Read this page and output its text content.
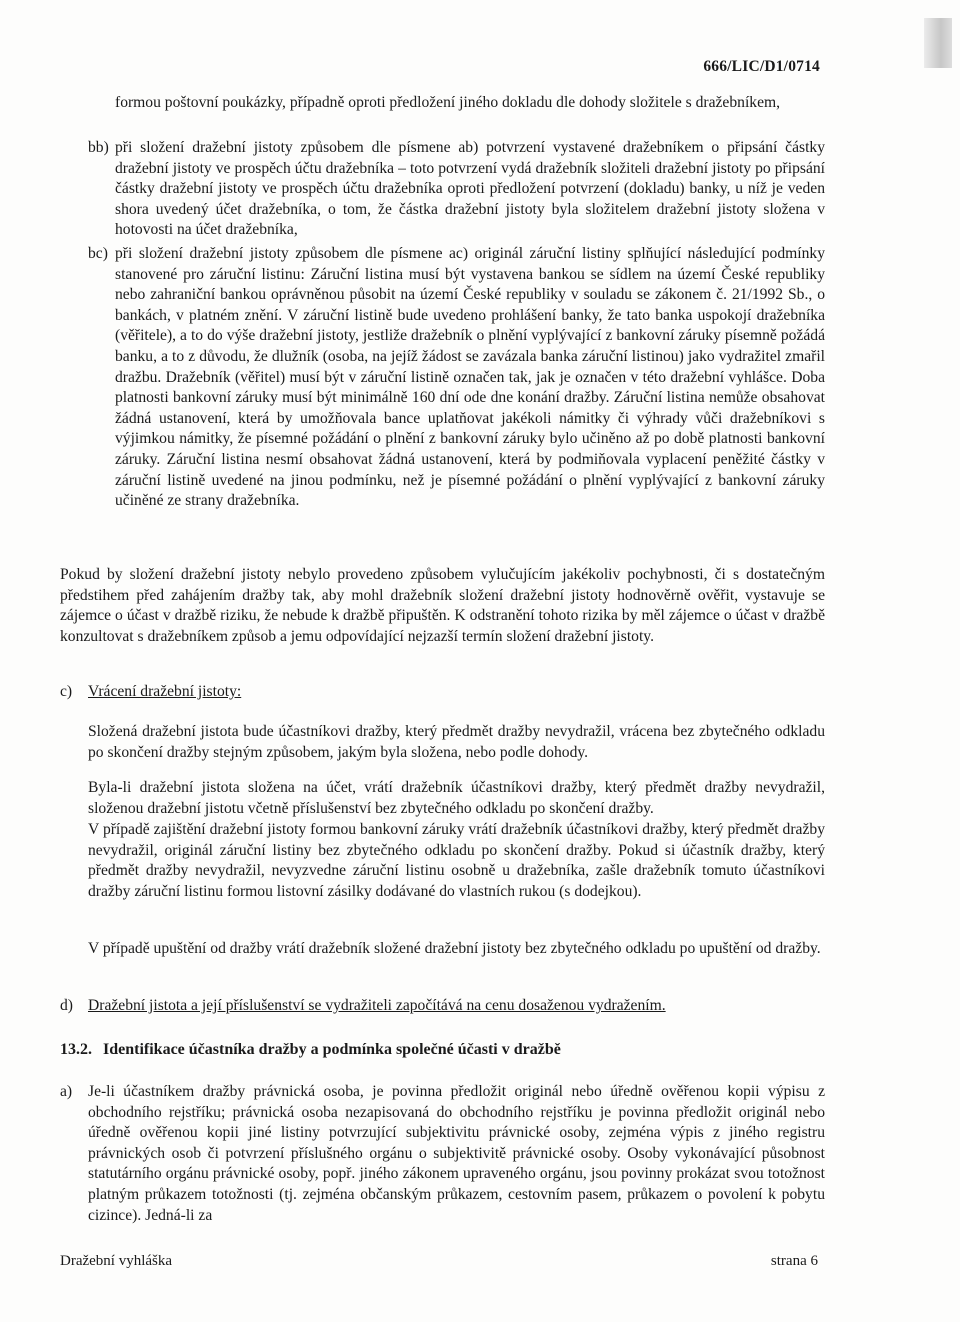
666/LIC/D1/0714
formou poštovní poukázky, případně oproti předložení jiného dokladu dle dohody složitele s dražebníkem,
bb) při složení dražební jistoty způsobem dle písmene ab) potvrzení vystavené dražebníkem o připsání částky dražební jistoty ve prospěch účtu dražebníka – toto potvrzení vydá dražebník složiteli dražební jistoty po připsání částky dražební jistoty ve prospěch účtu dražebníka oproti předložení potvrzení (dokladu) banky, u níž je veden shora uvedený účet dražebníka, o tom, že částka dražební jistoty byla složitelem dražební jistoty složena v hotovosti na účet dražebníka,
bc) při složení dražební jistoty způsobem dle písmene ac) originál záruční listiny splňující následující podmínky stanovené pro záruční listinu: Záruční listina musí být vystavena bankou se sídlem na území České republiky nebo zahraniční bankou oprávněnou působit na území České republiky v souladu se zákonem č. 21/1992 Sb., o bankách, v platném znění. V záruční listině bude uvedeno prohlášení banky, že tato banka uspokojí dražebníka (věřitele), a to do výše dražební jistoty, jestliže dražebník o plnění vyplývající z bankovní záruky písemně požádá banku, a to z důvodu, že dlužník (osoba, na jejíž žádost se zavázala banka záruční listinou) jako vydražitel zmařil dražbu. Dražebník (věřitel) musí být v záruční listině označen tak, jak je označen v této dražební vyhlášce. Doba platnosti bankovní záruky musí být minimálně 160 dní ode dne konání dražby. Záruční listina nemůže obsahovat žádná ustanovení, která by umožňovala bance uplatňovat jakékoli námitky či výhrady vůči dražebníkovi s výjimkou námitky, že písemné požádání o plnění z bankovní záruky bylo učiněno až po době platnosti bankovní záruky. Záruční listina nesmí obsahovat žádná ustanovení, která by podmiňovala vyplacení peněžité částky v záruční listině uvedené na jinou podmínku, než je písemné požádání o plnění vyplývající z bankovní záruky učiněné ze strany dražebníka.
Pokud by složení dražební jistoty nebylo provedeno způsobem vylučujícím jakékoliv pochybnosti, či s dostatečným předstihem před zahájením dražby tak, aby mohl dražebník složení dražební jistoty hodnověrně ověřit, vystavuje se zájemce o účast v dražbě riziku, že nebude k dražbě připuštěn. K odstranění tohoto rizika by měl zájemce o účast v dražbě konzultovat s dražebníkem způsob a jemu odpovídající nejzazší termín složení dražební jistoty.
c) Vrácení dražební jistoty:
Složená dražební jistota bude účastníkovi dražby, který předmět dražby nevydražil, vrácena bez zbytečného odkladu po skončení dražby stejným způsobem, jakým byla složena, nebo podle dohody.
Byla-li dražební jistota složena na účet, vrátí dražebník účastníkovi dražby, který předmět dražby nevydražil, složenou dražební jistotu včetně příslušenství bez zbytečného odkladu po skončení dražby.
V případě zajištění dražební jistoty formou bankovní záruky vrátí dražebník účastníkovi dražby, který předmět dražby nevydražil, originál záruční listiny bez zbytečného odkladu po skončení dražby. Pokud si účastník dražby, který předmět dražby nevydražil, nevyzvedne záruční listinu osobně u dražebníka, zašle dražebník tomuto účastníkovi dražby záruční listinu formou listovní zásilky dodávané do vlastních rukou (s dodejkou).
V případě upuštění od dražby vrátí dražebník složené dražební jistoty bez zbytečného odkladu po upuštění od dražby.
d) Dražební jistota a její příslušenství se vydražiteli započítává na cenu dosaženou vydražením.
13.2. Identifikace účastníka dražby a podmínka společné účasti v dražbě
a) Je-li účastníkem dražby právnická osoba, je povinna předložit originál nebo úředně ověřenou kopii výpisu z obchodního rejstříku; právnická osoba nezapisovaná do obchodního rejstříku je povinna předložit originál nebo úředně ověřenou kopii jiné listiny potvrzující subjektivitu právnické osoby, zejména výpis z jiného registru právnických osob či potvrzení příslušného orgánu o subjektivitě právnické osoby. Osoby vykonávající působnost statutárního orgánu právnické osoby, popř. jiného zákonem upraveného orgánu, jsou povinny prokázat svou totožnost platným průkazem totožnosti (tj. zejména občanským průkazem, cestovním pasem, průkazem o povolení k pobytu cizince). Jedná-li za
Dražební vyhláška	strana 6
